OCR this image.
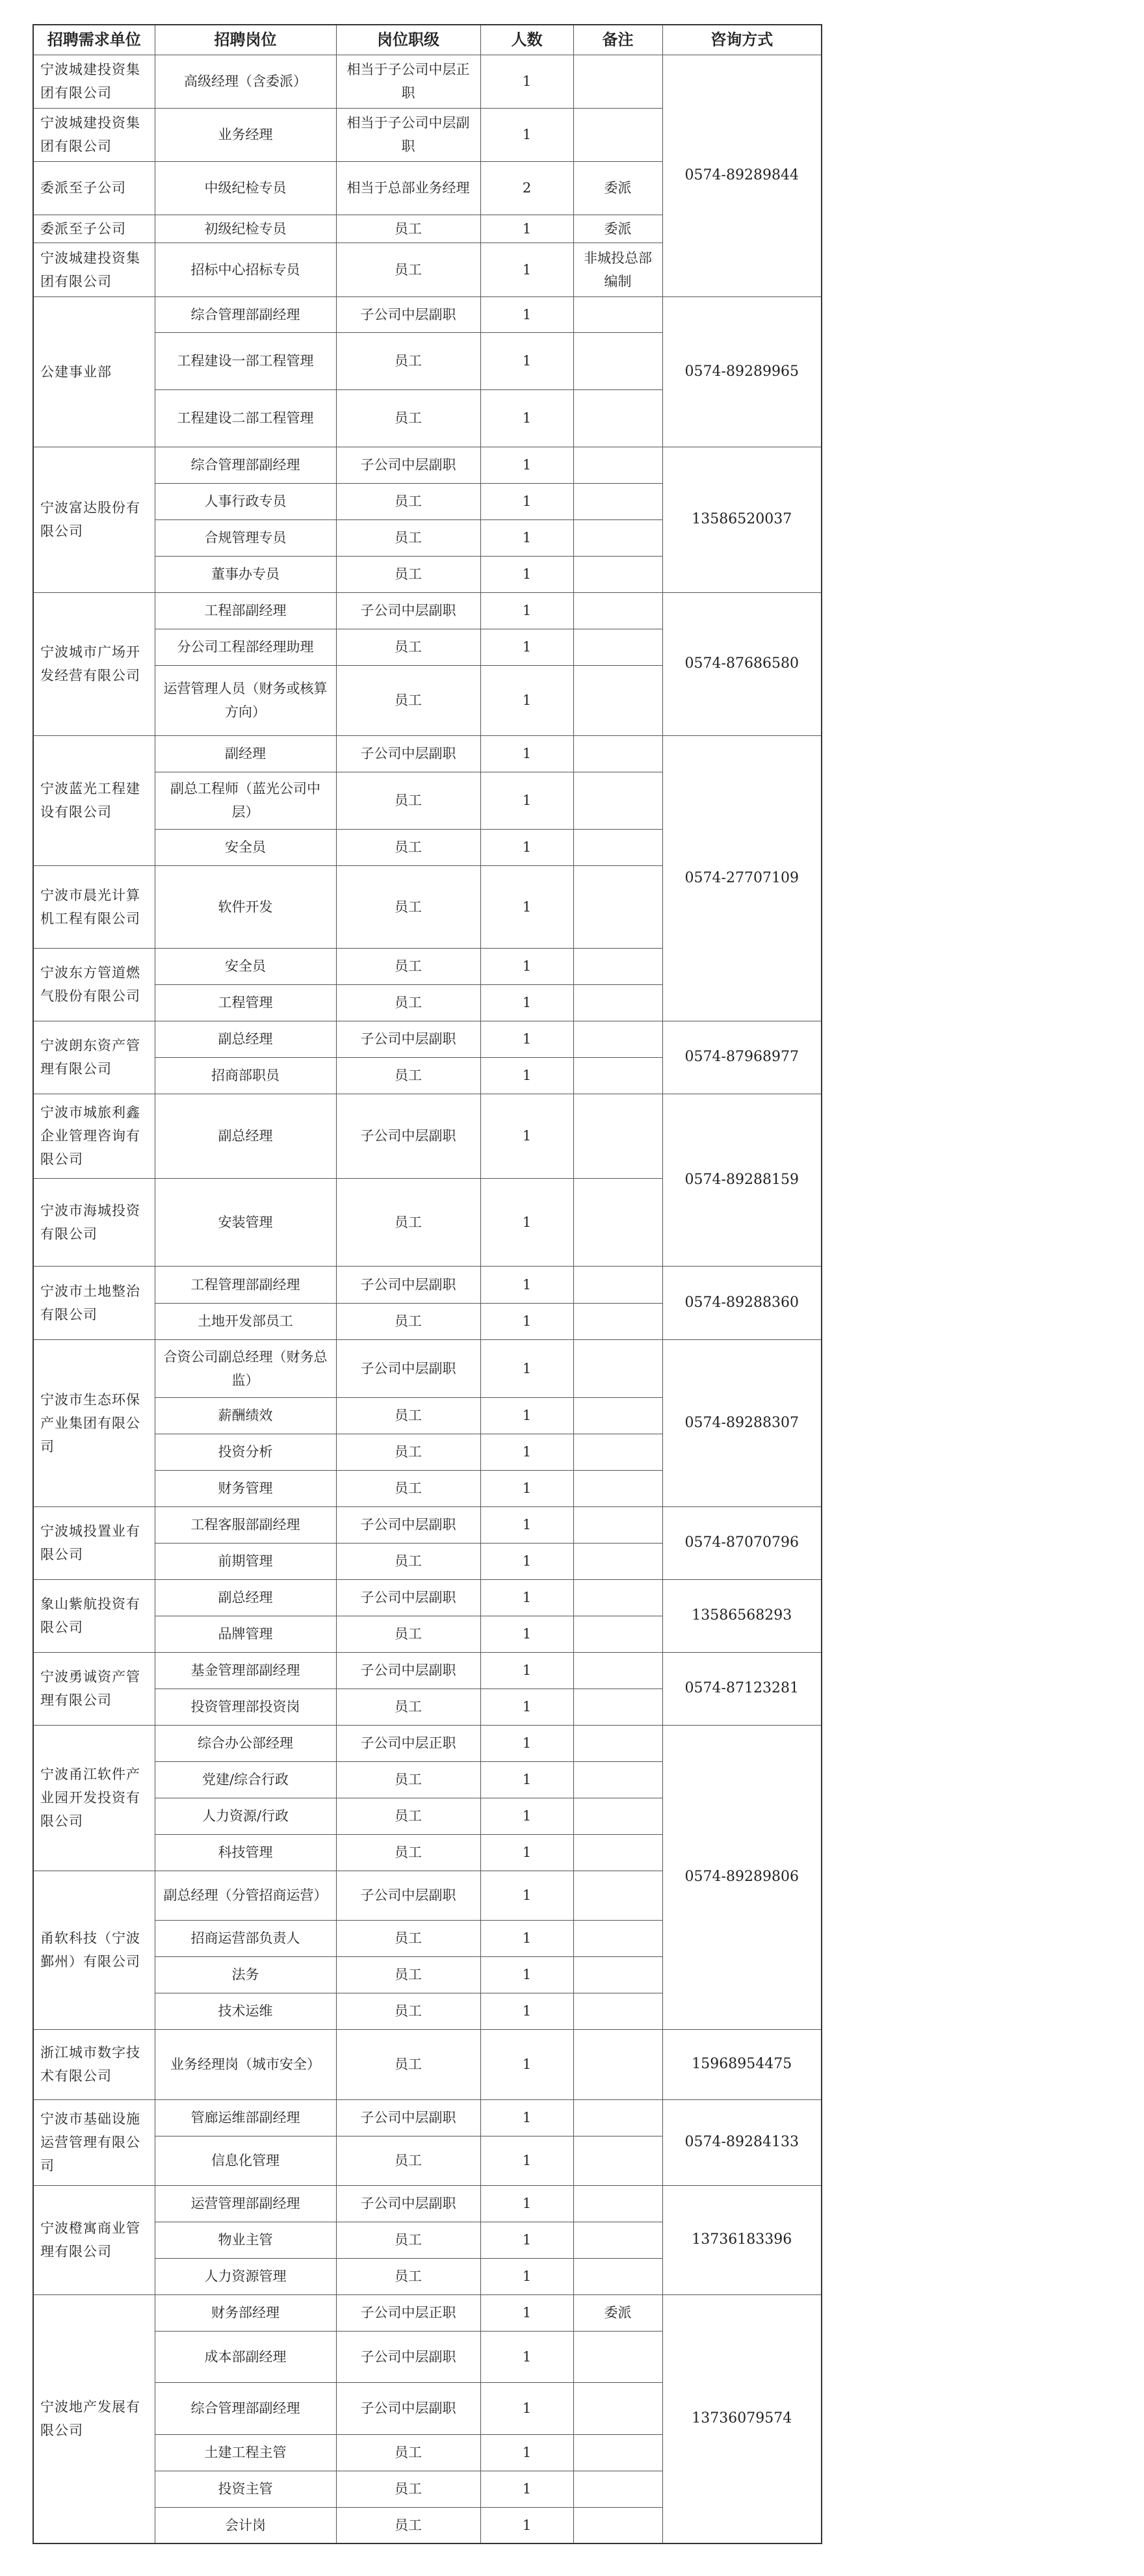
招聘需求单位	招聘岗位	岗位职级	人数	备注	咨询方式
宁波城建投资集团有限公司	高级经理（含委派）	相当于子公司中层正职	1		0574-89289844
宁波城建投资集团有限公司	业务经理	相当于子公司中层副职	1		
委派至子公司	中级纪检专员	相当于总部业务经理	2	委派	
委派至子公司	初级纪检专员	员工	1	委派	
宁波城建投资集团有限公司	招标中心招标专员	员工	1	非城投总部编制	
公建事业部	综合管理部副经理	子公司中层副职	1		0574-89289965
	工程建设一部工程管理	员工	1		
	工程建设二部工程管理	员工	1		
宁波富达股份有限公司	综合管理部副经理	子公司中层副职	1		13586520037
	人事行政专员	员工	1		
	合规管理专员	员工	1		
	董事办专员	员工	1		
宁波城市广场开发经营有限公司	工程部副经理	子公司中层副职	1		0574-87686580
	分公司工程部经理助理	员工	1		
	运营管理人员（财务或核算方向）	员工	1		
宁波蓝光工程建设有限公司	副经理	子公司中层副职	1		0574-27707109
	副总工程师（蓝光公司中层）	员工	1		
	安全员	员工	1		
宁波市晨光计算机工程有限公司	软件开发	员工	1		
宁波东方管道燃气股份有限公司	安全员	员工	1		
	工程管理	员工	1		
宁波朗东资产管理有限公司	副总经理	子公司中层副职	1		0574-87968977
	招商部职员	员工	1		
宁波市城旅利鑫企业管理咨询有限公司	副总经理	子公司中层副职	1		0574-89288159
宁波市海城投资有限公司	安装管理	员工	1		
宁波市土地整治有限公司	工程管理部副经理	子公司中层副职	1		0574-89288360
	土地开发部员工	员工	1		
宁波市生态环保产业集团有限公司	合资公司副总经理（财务总监）	子公司中层副职	1		0574-89288307
	薪酬绩效	员工	1		
	投资分析	员工	1		
	财务管理	员工	1		
宁波城投置业有限公司	工程客服部副经理	子公司中层副职	1		0574-87070796
	前期管理	员工	1		
象山紫航投资有限公司	副总经理	子公司中层副职	1		13586568293
	品牌管理	员工	1		
宁波勇诚资产管理有限公司	基金管理部副经理	子公司中层副职	1		0574-87123281
	投资管理部投资岗	员工	1		
宁波甬江软件产业园开发投资有限公司	综合办公部经理	子公司中层正职	1		0574-89289806
	党建/综合行政	员工	1		
	人力资源/行政	员工	1		
	科技管理	员工	1		
甬软科技（宁波鄞州）有限公司	副总经理（分管招商运营）	子公司中层副职	1		
	招商运营部负责人	员工	1		
	法务	员工	1		
	技术运维	员工	1		
浙江城市数字技术有限公司	业务经理岗（城市安全）	员工	1		15968954475
宁波市基础设施运营管理有限公司	管廊运维部副经理	子公司中层副职	1		0574-89284133
	信息化管理	员工	1		
宁波橙寓商业管理有限公司	运营管理部副经理	子公司中层副职	1		13736183396
	物业主管	员工	1		
	人力资源管理	员工	1		
宁波地产发展有限公司	财务部经理	子公司中层正职	1	委派	13736079574
	成本部副经理	子公司中层副职	1		
	综合管理部副经理	子公司中层副职	1		
	土建工程主管	员工	1		
	投资主管	员工	1		
	会计岗	员工	1		
